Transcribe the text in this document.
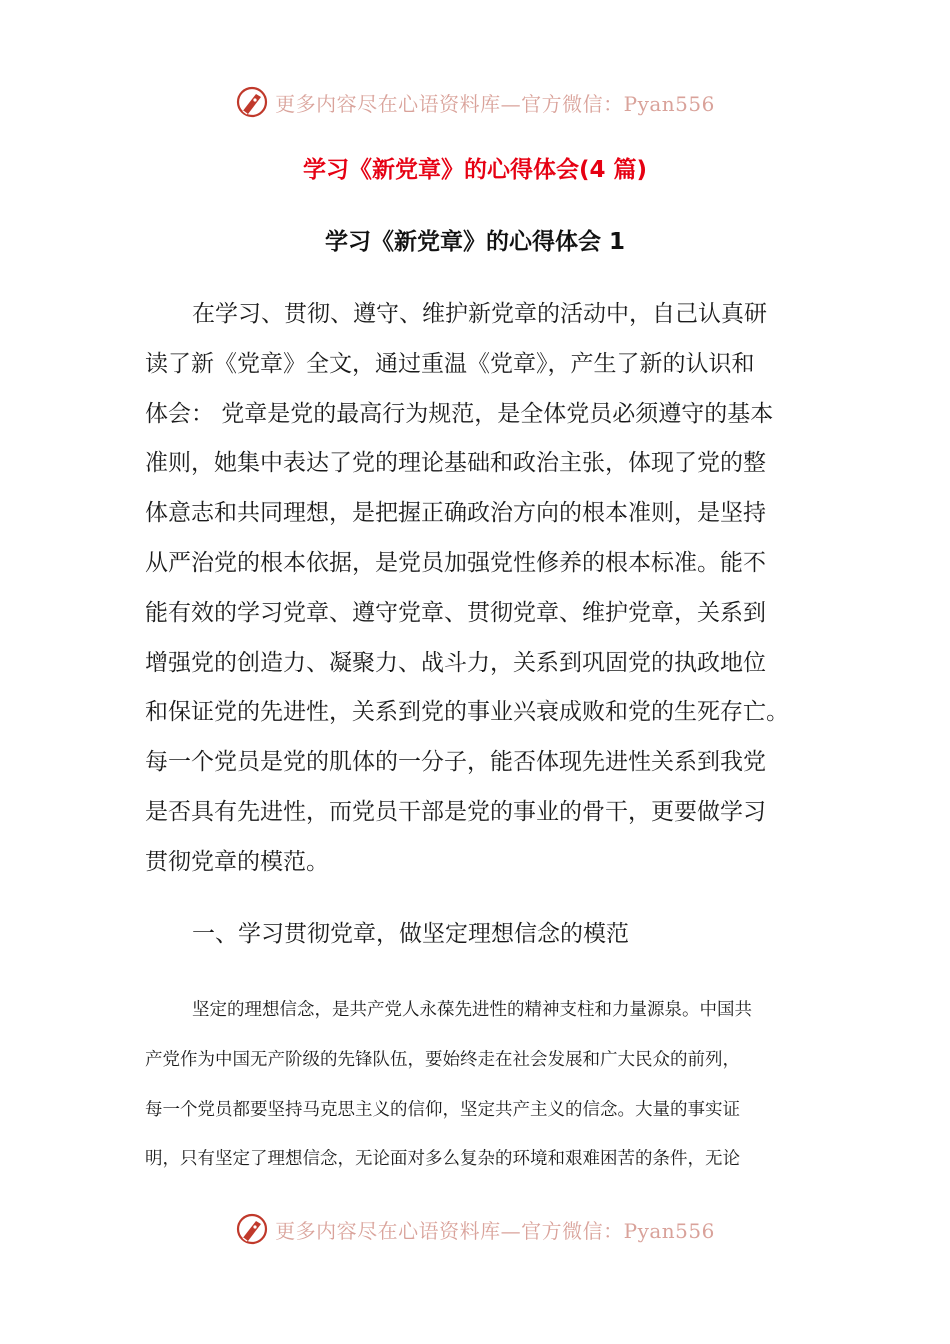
更多内容尽在心语资料库—官方微信：Pyan556
学习《新党章》的心得体会(4 篇)
学习《新党章》的心得体会 1
在学习、贯彻、遵守、维护新党章的活动中，自己认真研
读了新《党章》全文，通过重温《党章》，产生了新的认识和
体会： 党章是党的最高行为规范，是全体党员必须遵守的基本
准则，她集中表达了党的理论基础和政治主张，体现了党的整
体意志和共同理想，是把握正确政治方向的根本准则，是坚持
从严治党的根本依据，是党员加强党性修养的根本标准。能不
能有效的学习党章、遵守党章、贯彻党章、维护党章，关系到
增强党的创造力、凝聚力、战斗力，关系到巩固党的执政地位
和保证党的先进性，关系到党的事业兴衰成败和党的生死存亡。
每一个党员是党的肌体的一分子，能否体现先进性关系到我党
是否具有先进性，而党员干部是党的事业的骨干，更要做学习
贯彻党章的模范。
一、学习贯彻党章，做坚定理想信念的模范
坚定的理想信念，是共产党人永葆先进性的精神支柱和力量源泉。中国共
产党作为中国无产阶级的先锋队伍，要始终走在社会发展和广大民众的前列，
每一个党员都要坚持马克思主义的信仰，坚定共产主义的信念。大量的事实证
明，只有坚定了理想信念，无论面对多么复杂的环境和艰难困苦的条件，无论
更多内容尽在心语资料库—官方微信：Pyan556
